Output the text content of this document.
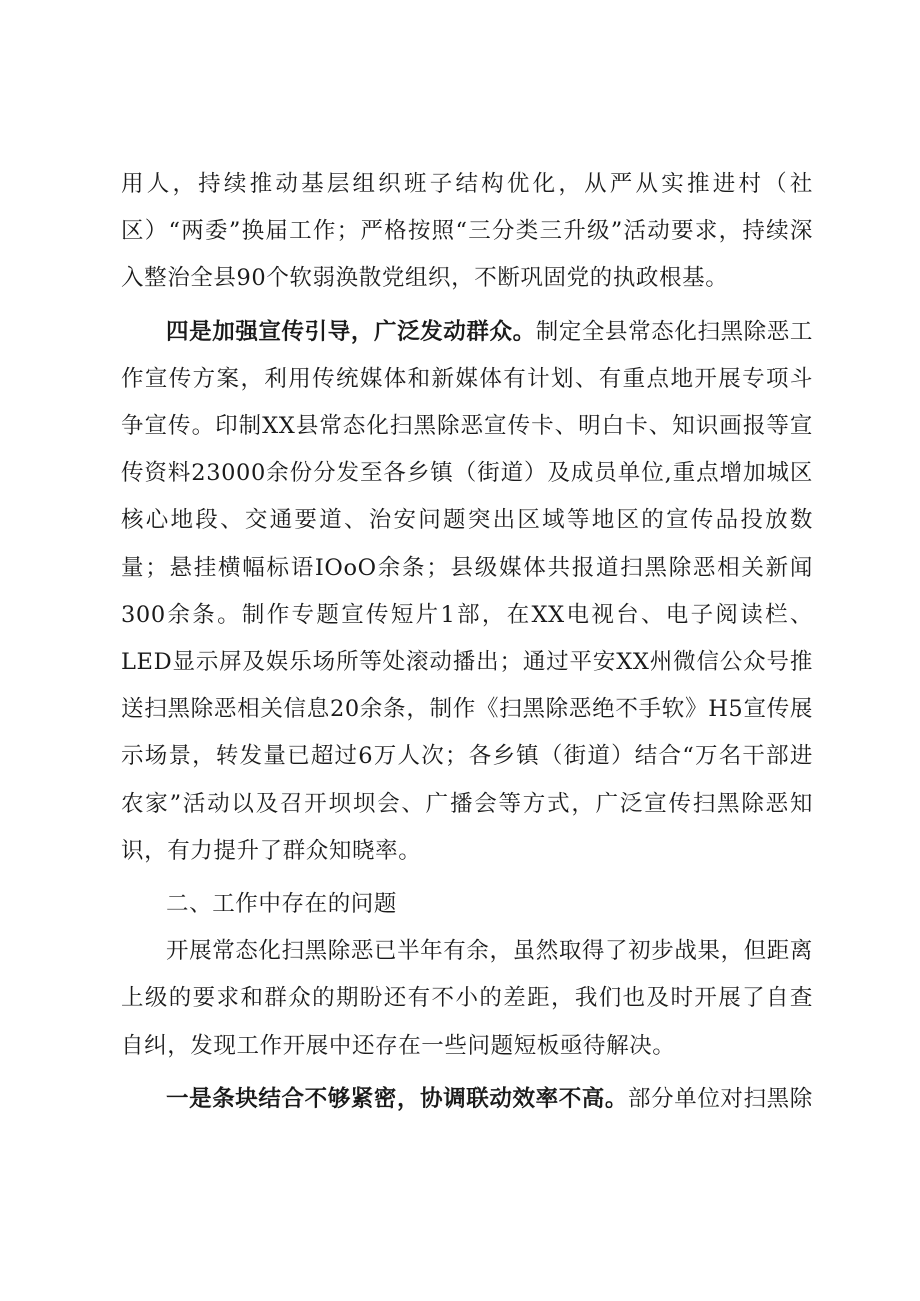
用人，持续推动基层组织班子结构优化，从严从实推进村（社区）“两委”换届工作；严格按照“三分类三升级”活动要求，持续深入整治全县90个软弱涣散党组织，不断巩固党的执政根基。

四是加强宣传引导，广泛发动群众。制定全县常态化扫黑除恶工作宣传方案，利用传统媒体和新媒体有计划、有重点地开展专项斗争宣传。印制XX县常态化扫黑除恶宣传卡、明白卡、知识画报等宣传资料23000余份分发至各乡镇（街道）及成员单位,重点增加城区核心地段、交通要道、治安问题突出区域等地区的宣传品投放数量；悬挂横幅标语IOoO余条；县级媒体共报道扫黑除恶相关新闻300余条。制作专题宣传短片1部，在XX电视台、电子阅读栏、LED显示屏及娱乐场所等处滚动播出；通过平安XX州微信公众号推送扫黑除恶相关信息20余条，制作《扫黑除恶绝不手软》H5宣传展示场景，转发量已超过6万人次；各乡镇（街道）结合“万名干部进农家”活动以及召开坝坝会、广播会等方式，广泛宣传扫黑除恶知识，有力提升了群众知晓率。

二、工作中存在的问题

开展常态化扫黑除恶已半年有余，虽然取得了初步战果，但距离上级的要求和群众的期盼还有不小的差距，我们也及时开展了自查自纠，发现工作开展中还存在一些问题短板亟待解决。

一是条块结合不够紧密，协调联动效率不高。部分单位对扫黑除
